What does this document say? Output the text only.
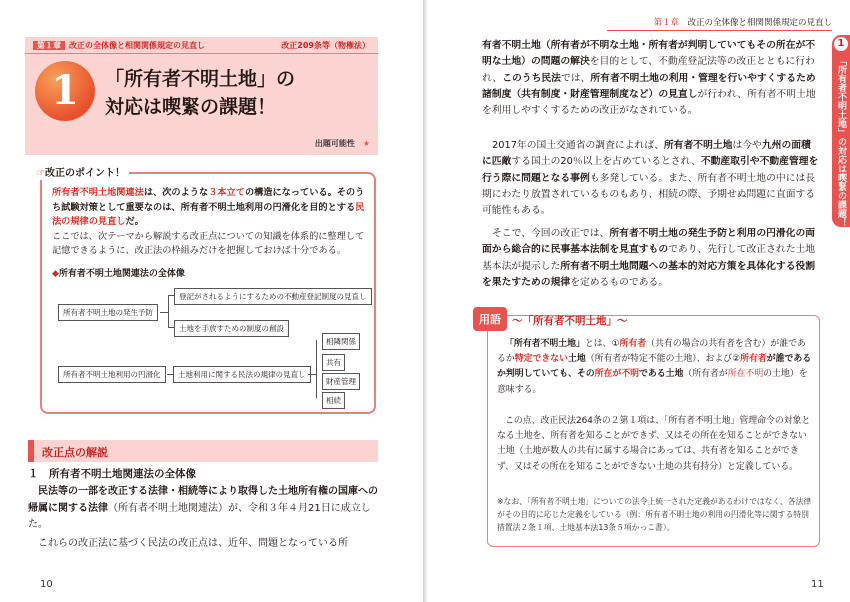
第１章 改正の全体像と相関関係規定の見直し	改正209条等（物権法）
1	「所有者不明土地」の
対応は喫緊の課題！
出題可能性　 ★
☞改正のポイント！
所有者不明土地関連法は、次のような３本立ての構造になっている。そのうち試験対策として重要なのは、所有者不明土地利用の円滑化を目的とする民法の規律の見直しだ。
ここでは、次テーマから解説する改正点についての知識を体系的に整理して記憶できるように、改正法の枠組みだけを把握しておけば十分である。
◆所有者不明土地関連法の全体像
所有者不明土地の発生予防
登記がされるようにするための不動産登記制度の見直し
土地を手放すための制度の創設
所有者不明土地利用の円滑化	土地利用に関する民法の規律の見直し
相隣関係
共有
財産管理
相続
改正点の解説
１　所有者不明土地関連法の全体像
民法等の一部を改正する法律・相続等により取得した土地所有権の国庫への帰属に関する法律（所有者不明土地関連法）が、令和３年４月21日に成立した。
これらの改正法に基づく民法の改正点は、近年、問題となっている所
10
第１章　 改正の全体像と相関関係規定の見直し
1
「所有者不明土地」の対応は喫緊の課題！
有者不明土地（所有者が不明な土地・所有者が判明していてもその所在が不明な土地）の問題の解決を目的として、不動産登記法等の改正とともに行われ、このうち民法では、所有者不明土地の利用・管理を行いやすくするため諸制度（共有制度・財産管理制度など）の見直しが行われ、所有者不明土地を利用しやすくするための改正がなされている。
2017年の国土交通省の調査によれば、所有者不明土地は今や九州の面積に匹敵する国土の20％以上を占めているとされ、不動産取引や不動産管理を行う際に問題となる事例も多発している。また、所有者不明土地の中には長期にわたり放置されているものもあり、相続の際、予期せぬ問題に直面する可能性もある。
そこで、今回の改正では、所有者不明土地の発生予防と利用の円滑化の両面から総合的に民事基本法制を見直すものであり、先行して改正された土地基本法が提示した所有者不明土地問題への基本的対応方策を具体化する役割を果たすための規律を定めるものである。
用語	～「所有者不明土地」～
「所有者不明土地」とは、①所有者（共有の場合の共有者を含む）が誰であるか特定できない土地（所有者が特定不能の土地）、および②所有者が誰であるか判明していても、その所在が不明である土地（所有者が所在不明の土地）を意味する。
この点、改正民法264条の２第１項は、「所有者不明土地」管理命令の対象となる土地を、所有者を知ることができず、又はその所在を知ることができない土地（土地が数人の共有に属する場合にあっては、共有者を知ることができず、又はその所在を知ることができない土地の共有持分）と定義している。
※なお、「所有者不明土地」についての法令上統一された定義があるわけではなく、各法律がその目的に応じた定義をしている（例：所有者不明土地の利用の円滑化等に関する特別措置法２条１項、土地基本法13条５項かっこ書）。
11
